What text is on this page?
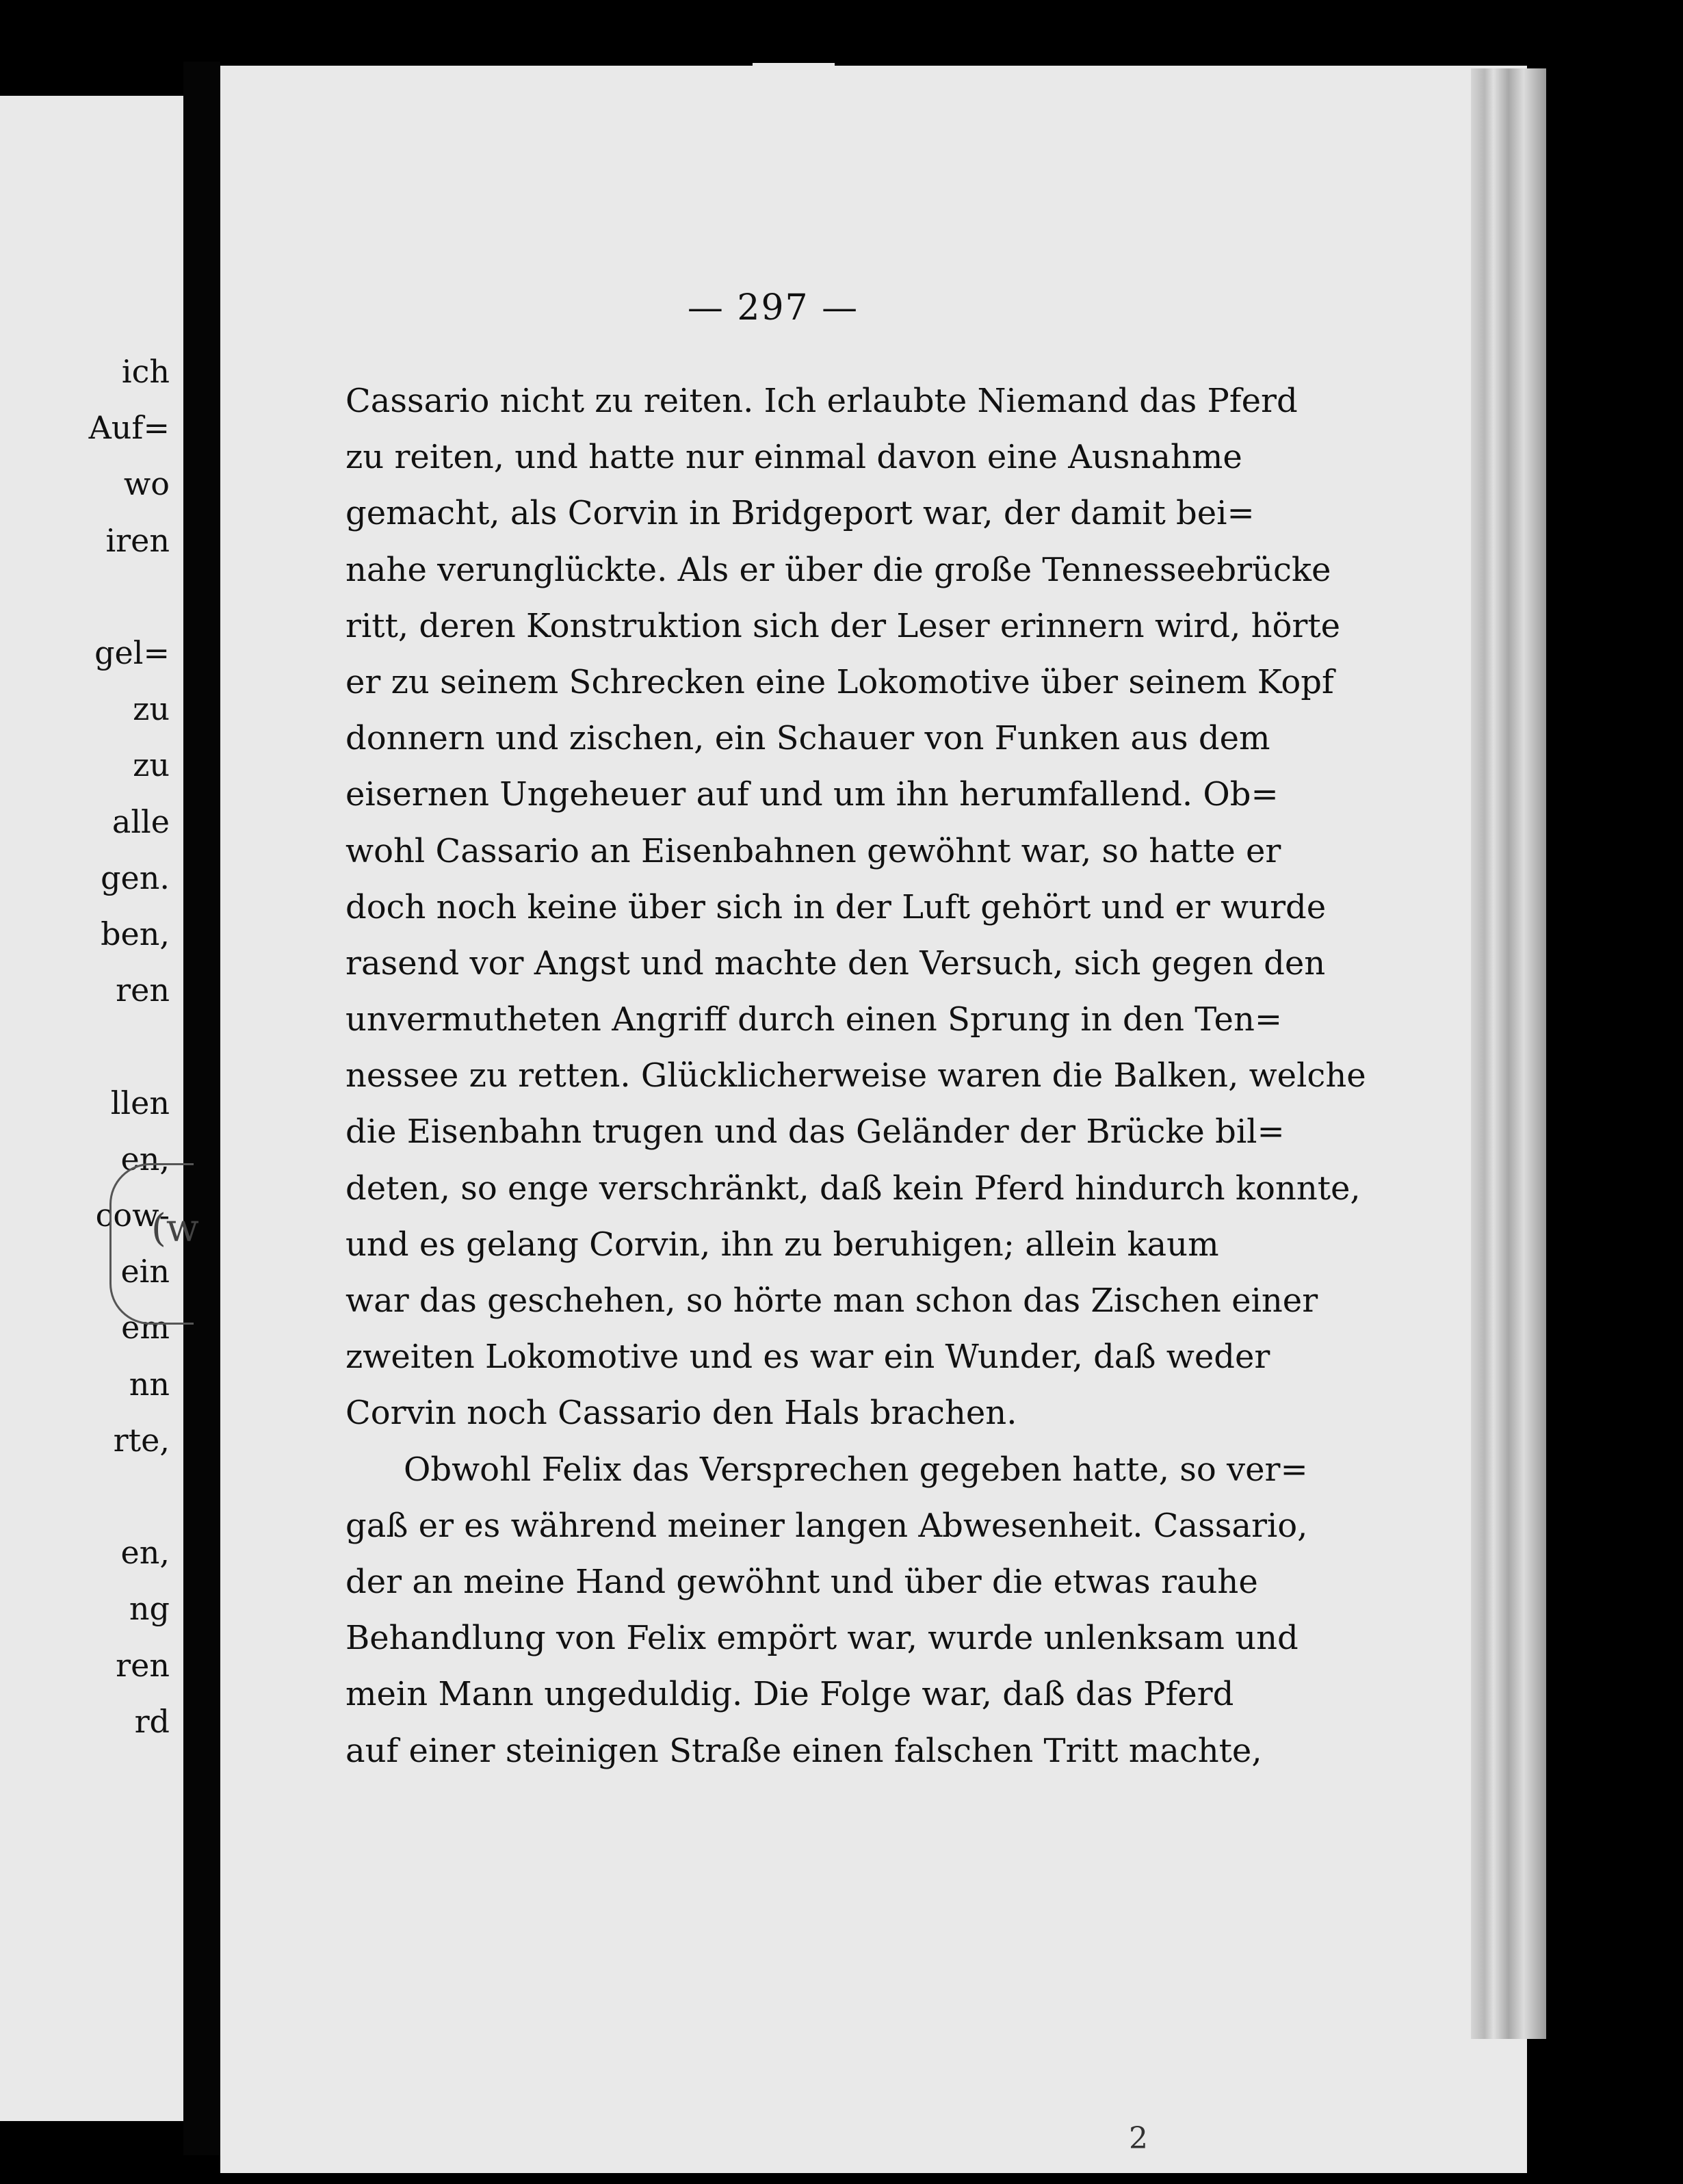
ich
Auf=
wo
iren
gel=
zu
zu
alle
gen.
ben,
ren
llen
en,
cow-
ein
em
nn
rte,
en,
ng
ren
rd
— 297 —
Cassario nicht zu reiten. Ich erlaubte Niemand das Pferd
zu reiten, und hatte nur einmal davon eine Ausnahme
gemacht, als Corvin in Bridgeport war, der damit bei=
nahe verunglückte. Als er über die große Tennesseebrücke
ritt, deren Konstruktion sich der Leser erinnern wird, hörte
er zu seinem Schrecken eine Lokomotive über seinem Kopf
donnern und zischen, ein Schauer von Funken aus dem
eisernen Ungeheuer auf und um ihn herumfallend. Ob=
wohl Cassario an Eisenbahnen gewöhnt war, so hatte er
doch noch keine über sich in der Luft gehört und er wurde
rasend vor Angst und machte den Versuch, sich gegen den
unvermutheten Angriff durch einen Sprung in den Ten=
nessee zu retten. Glücklicherweise waren die Balken, welche
die Eisenbahn trugen und das Geländer der Brücke bil=
deten, so enge verschränkt, daß kein Pferd hindurch konnte,
und es gelang Corvin, ihn zu beruhigen; allein kaum
war das geschehen, so hörte man schon das Zischen einer
zweiten Lokomotive und es war ein Wunder, daß weder
Corvin noch Cassario den Hals brachen.
Obwohl Felix das Versprechen gegeben hatte, so ver=
gaß er es während meiner langen Abwesenheit. Cassario,
der an meine Hand gewöhnt und über die etwas rauhe
Behandlung von Felix empört war, wurde unlenksam und
mein Mann ungeduldig. Die Folge war, daß das Pferd
auf einer steinigen Straße einen falschen Tritt machte,
2
(w
